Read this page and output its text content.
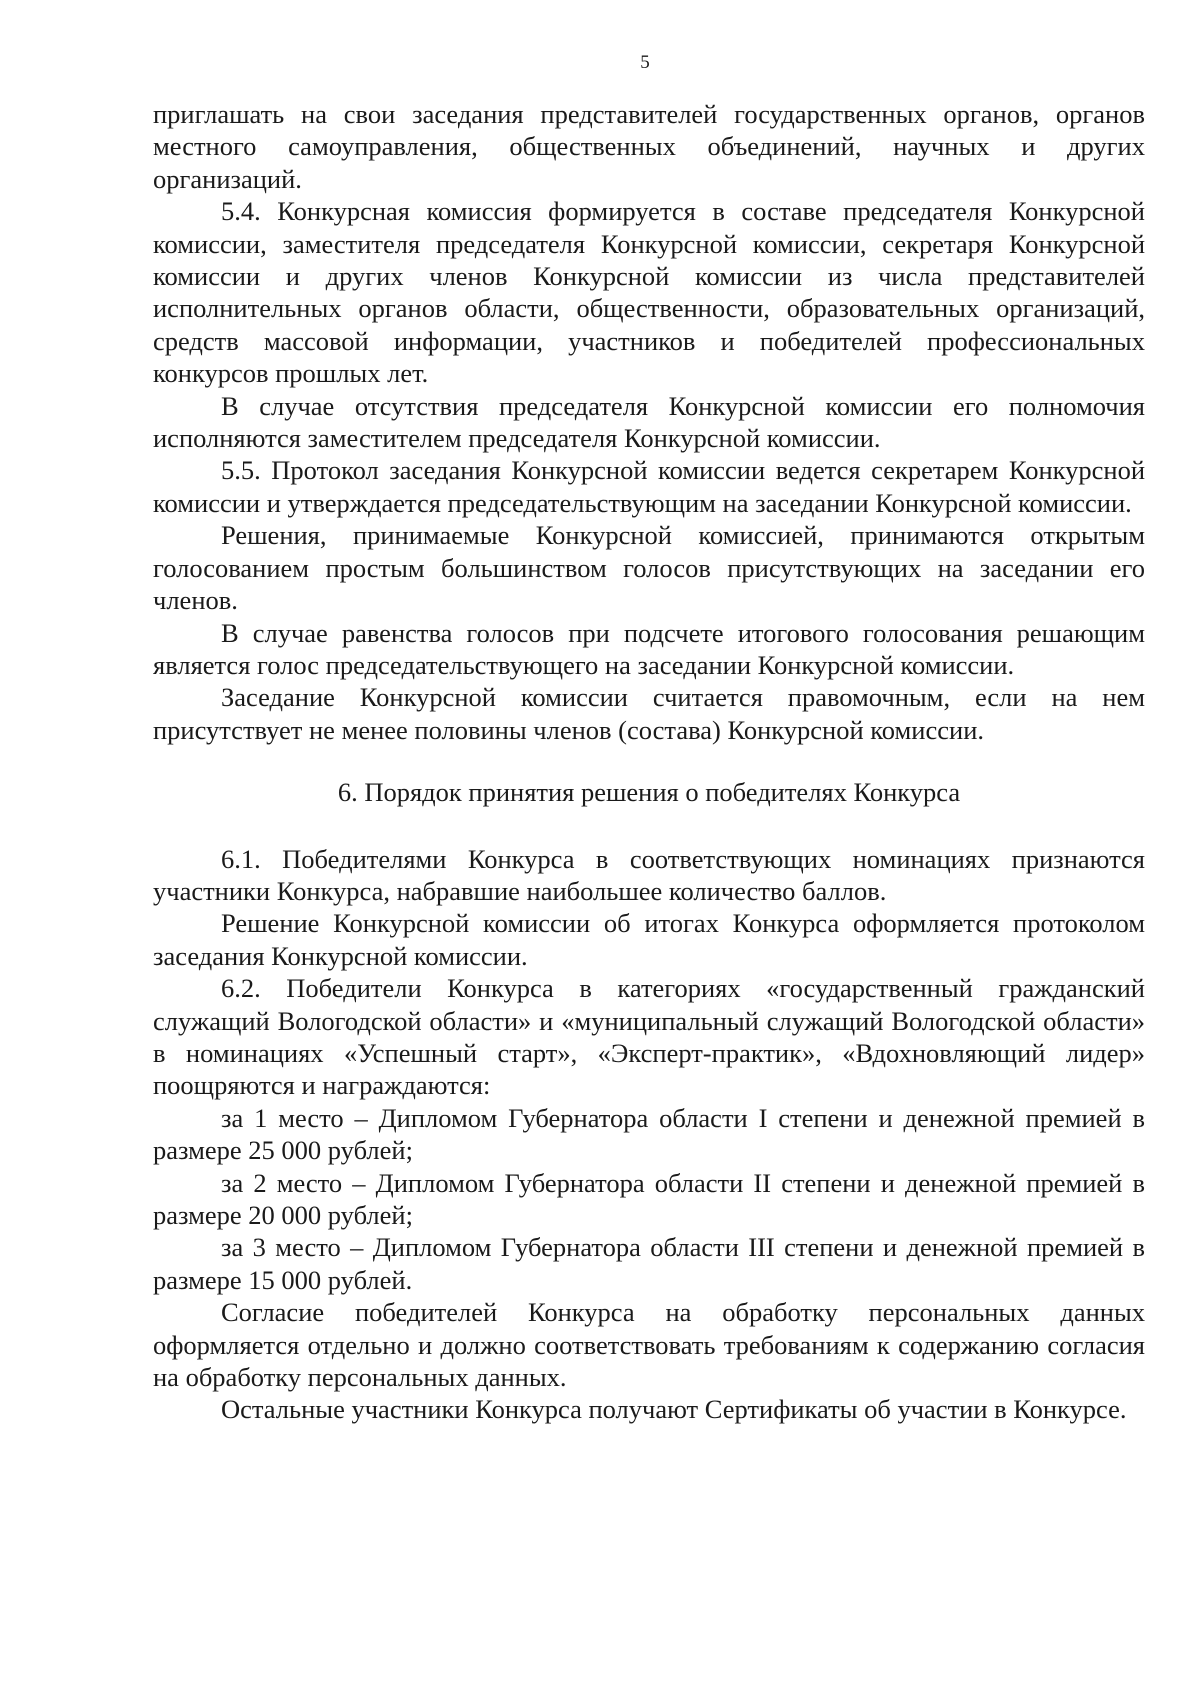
5

приглашать на свои заседания представителей государственных органов, органов местного самоуправления, общественных объединений, научных и других организаций.

5.4. Конкурсная комиссия формируется в составе председателя Конкурсной комиссии, заместителя председателя Конкурсной комиссии, секретаря Конкурсной комиссии и других членов Конкурсной комиссии из числа представителей исполнительных органов области, общественности, образовательных организаций, средств массовой информации, участников и победителей профессиональных конкурсов прошлых лет.

В случае отсутствия председателя Конкурсной комиссии его полномочия исполняются заместителем председателя Конкурсной комиссии.

5.5. Протокол заседания Конкурсной комиссии ведется секретарем Конкурсной комиссии и утверждается председательствующим на заседании Конкурсной комиссии.

Решения, принимаемые Конкурсной комиссией, принимаются открытым голосованием простым большинством голосов присутствующих на заседании его членов.

В случае равенства голосов при подсчете итогового голосования решающим является голос председательствующего на заседании Конкурсной комиссии.

Заседание Конкурсной комиссии считается правомочным, если на нем присутствует не менее половины членов (состава) Конкурсной комиссии.

6. Порядок принятия решения о победителях Конкурса

6.1. Победителями Конкурса в соответствующих номинациях признаются участники Конкурса, набравшие наибольшее количество баллов.

Решение Конкурсной комиссии об итогах Конкурса оформляется протоколом заседания Конкурсной комиссии.

6.2. Победители Конкурса в категориях «государственный гражданский служащий Вологодской области» и «муниципальный служащий Вологодской области» в номинациях «Успешный старт», «Эксперт-практик», «Вдохновляющий лидер» поощряются и награждаются:

за 1 место – Дипломом Губернатора области I степени и денежной премией в размере 25 000 рублей;

за 2 место – Дипломом Губернатора области II степени и денежной премией в размере 20 000 рублей;

за 3 место – Дипломом Губернатора области III степени и денежной премией в размере 15 000 рублей.

Согласие победителей Конкурса на обработку персональных данных оформляется отдельно и должно соответствовать требованиям к содержанию согласия на обработку персональных данных.

Остальные участники Конкурса получают Сертификаты об участии в Конкурсе.
